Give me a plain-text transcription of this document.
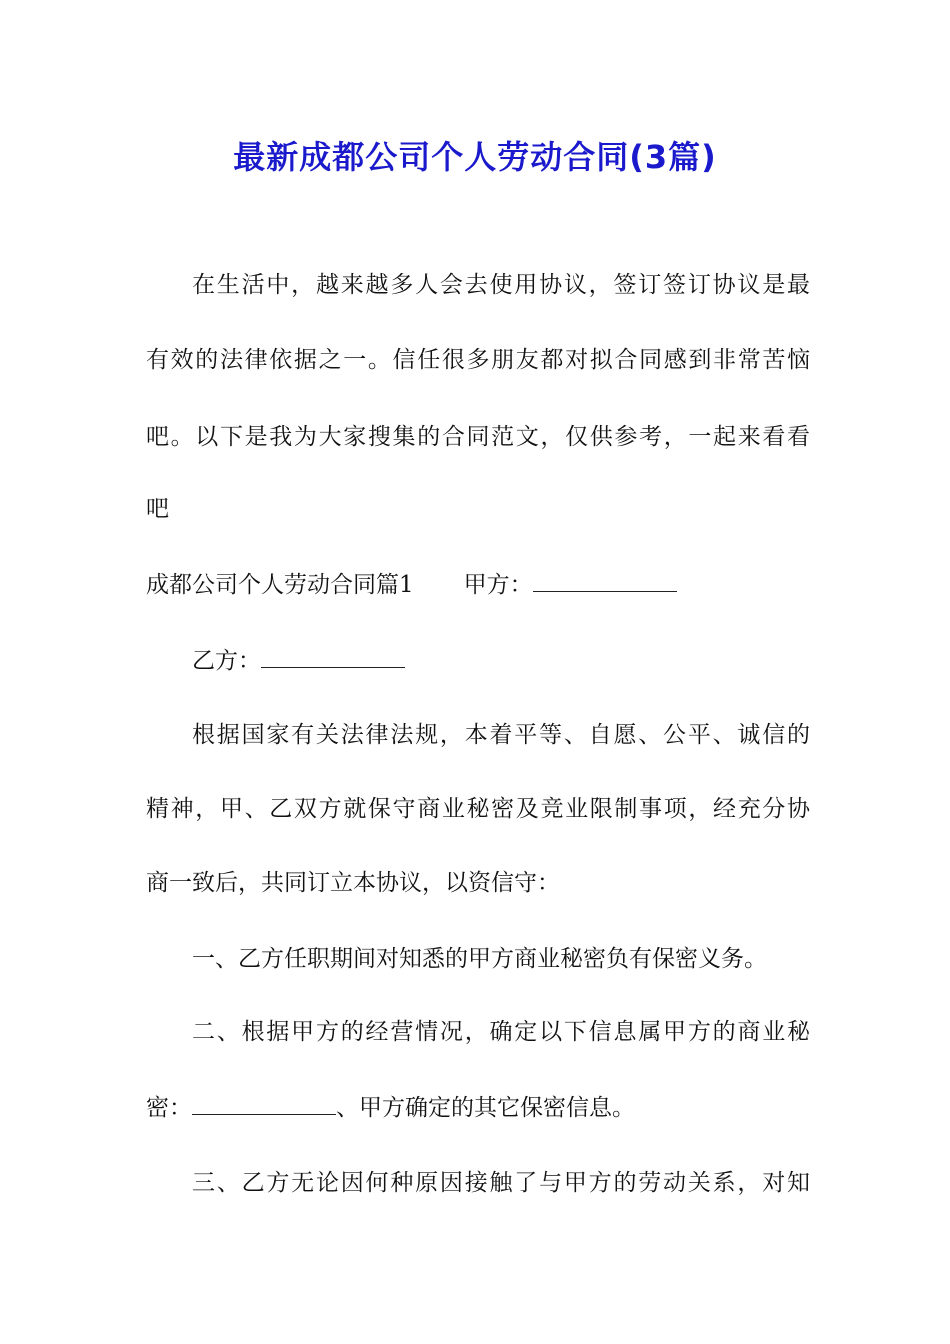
最新成都公司个人劳动合同(3篇)

在生活中，越来越多人会去使用协议，签订签订协议是最

有效的法律依据之一。信任很多朋友都对拟合同感到非常苦恼

吧。以下是我为大家搜集的合同范文，仅供参考，一起来看看

吧

成都公司个人劳动合同篇1 甲方：

乙方：

根据国家有关法律法规，本着平等、自愿、公平、诚信的

精神，甲、乙双方就保守商业秘密及竞业限制事项，经充分协

商一致后，共同订立本协议，以资信守：

一、乙方任职期间对知悉的甲方商业秘密负有保密义务。

二、根据甲方的经营情况，确定以下信息属甲方的商业秘

密：	、甲方确定的其它保密信息。

三、乙方无论因何种原因接触了与甲方的劳动关系，对知
